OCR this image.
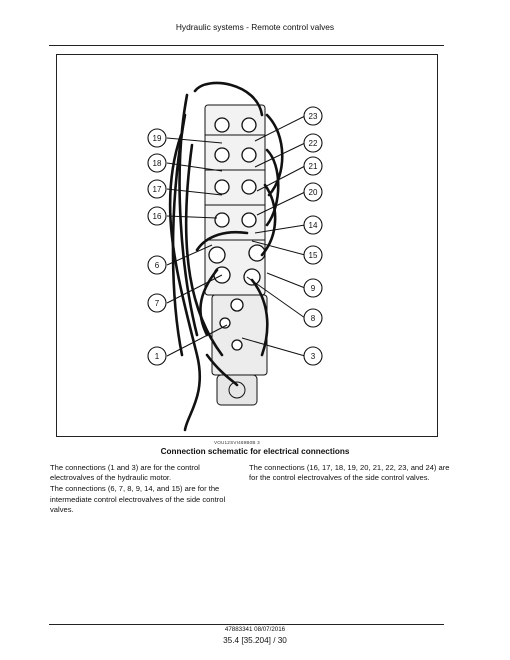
Hydraulic systems - Remote control valves
19
18
17
16
6
7
1
23
22
21
20
14
15
9
8
3
VOU12SVI469B0B 3
Connection schematic for electrical connections

The connections (1 and 3) are for the control electrovalves of the hydraulic motor.

The connections (6, 7, 8, 9, 14, and 15) are for the intermediate control electrovalves of the side control valves.

The connections (16, 17, 18, 19, 20, 21, 22, 23, and 24) are for the control electrovalves of the side control valves.

47883341 08/07/2016
35.4 [35.204] / 30
